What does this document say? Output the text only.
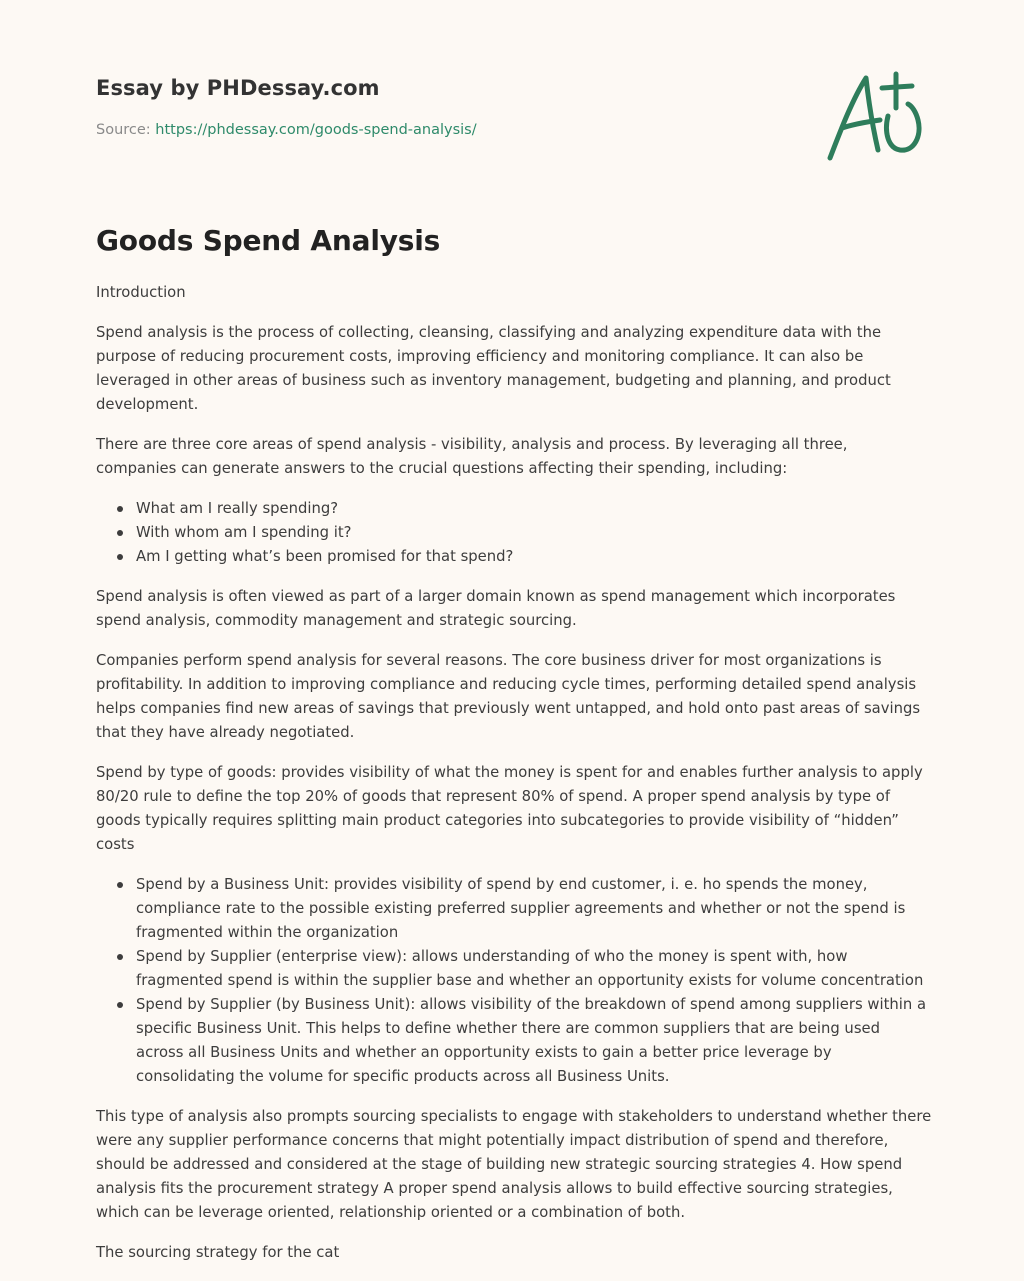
Essay by PHDessay.com
Source: https://phdessay.com/goods-spend-analysis/
Goods Spend Analysis

Introduction

Spend analysis is the process of collecting, cleansing, classifying and analyzing expenditure data with the purpose of reducing procurement costs, improving efficiency and monitoring compliance. It can also be leveraged in other areas of business such as inventory management, budgeting and planning, and product development.

There are three core areas of spend analysis - visibility, analysis and process. By leveraging all three, companies can generate answers to the crucial questions affecting their spending, including:

What am I really spending?
With whom am I spending it?
Am I getting what’s been promised for that spend?

Spend analysis is often viewed as part of a larger domain known as spend management which incorporates spend analysis, commodity management and strategic sourcing.

Companies perform spend analysis for several reasons. The core business driver for most organizations is profitability. In addition to improving compliance and reducing cycle times, performing detailed spend analysis helps companies find new areas of savings that previously went untapped, and hold onto past areas of savings that they have already negotiated.

Spend by type of goods: provides visibility of what the money is spent for and enables further analysis to apply 80/20 rule to define the top 20% of goods that represent 80% of spend. A proper spend analysis by type of goods typically requires splitting main product categories into subcategories to provide visibility of “hidden” costs

Spend by a Business Unit: provides visibility of spend by end customer, i. e. ho spends the money, compliance rate to the possible existing preferred supplier agreements and whether or not the spend is fragmented within the organization
Spend by Supplier (enterprise view): allows understanding of who the money is spent with, how fragmented spend is within the supplier base and whether an opportunity exists for volume concentration
Spend by Supplier (by Business Unit): allows visibility of the breakdown of spend among suppliers within a specific Business Unit. This helps to define whether there are common suppliers that are being used across all Business Units and whether an opportunity exists to gain a better price leverage by consolidating the volume for specific products across all Business Units.

This type of analysis also prompts sourcing specialists to engage with stakeholders to understand whether there were any supplier performance concerns that might potentially impact distribution of spend and therefore, should be addressed and considered at the stage of building new strategic sourcing strategies 4. How spend analysis fits the procurement strategy A proper spend analysis allows to build effective sourcing strategies, which can be leverage oriented, relationship oriented or a combination of both.

The sourcing strategy for the cat
